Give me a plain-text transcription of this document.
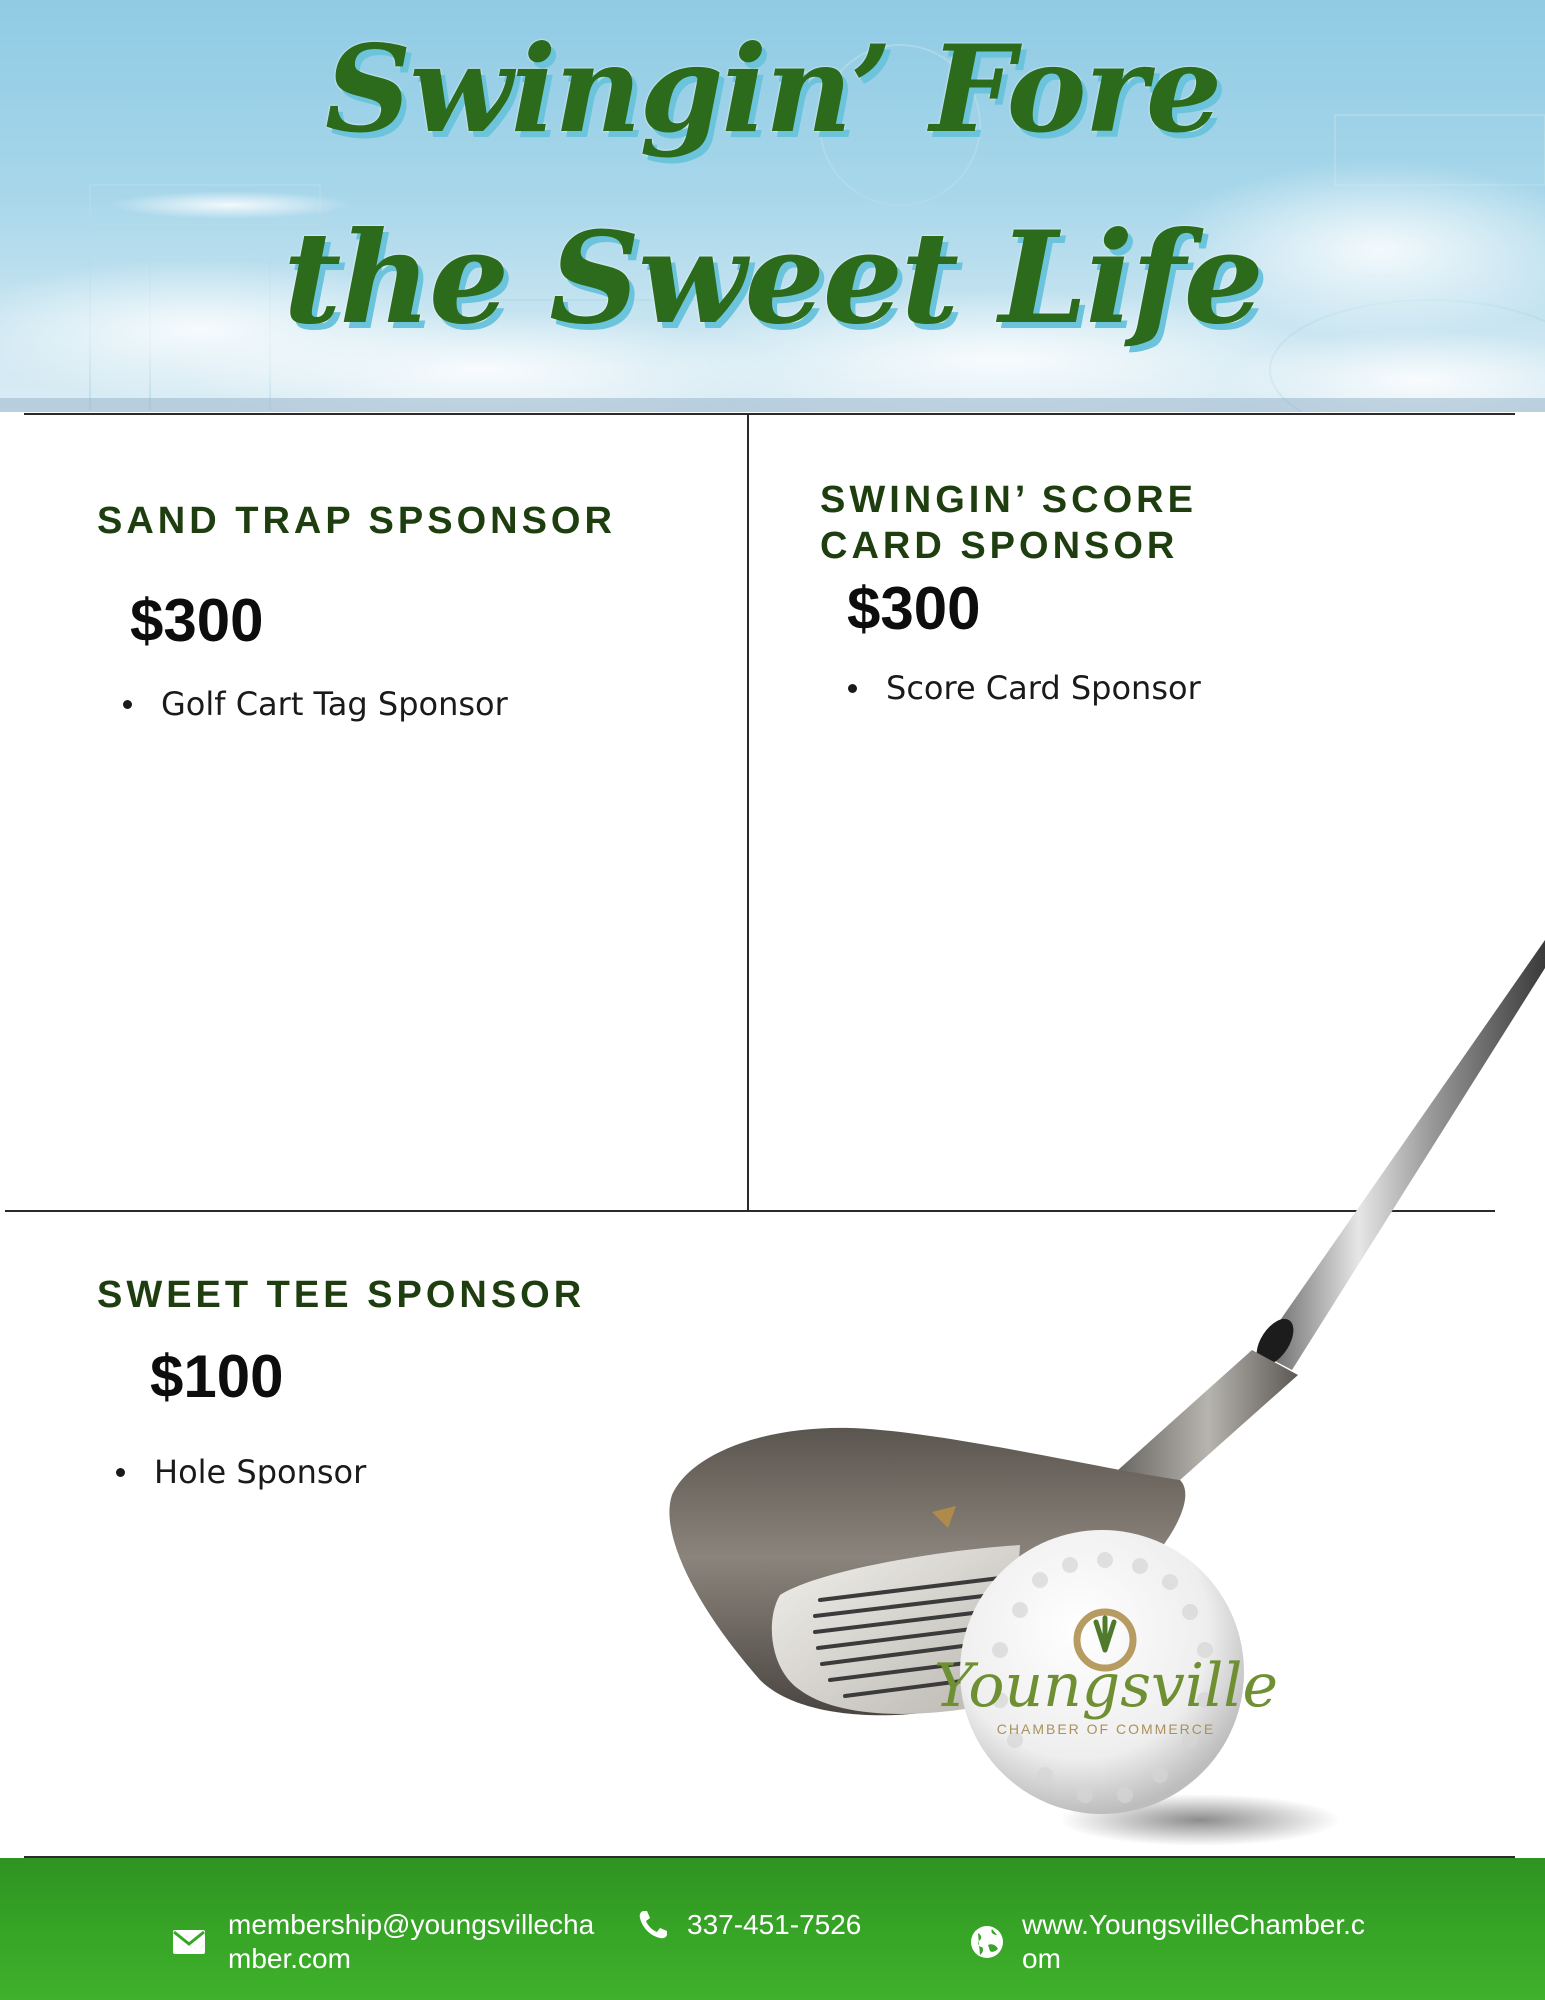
Swingin’ Fore
the Sweet Life
SAND TRAP SPSONSOR
$300
Golf Cart Tag Sponsor
SWINGIN’ SCORE
CARD SPONSOR
$300
Score Card Sponsor
SWEET TEE SPONSOR
$100
Hole Sponsor
Youngsville
CHAMBER OF COMMERCE
membership@youngsvillecha
mber.com
337-451-7526	www.YoungsvilleChamber.c
om
